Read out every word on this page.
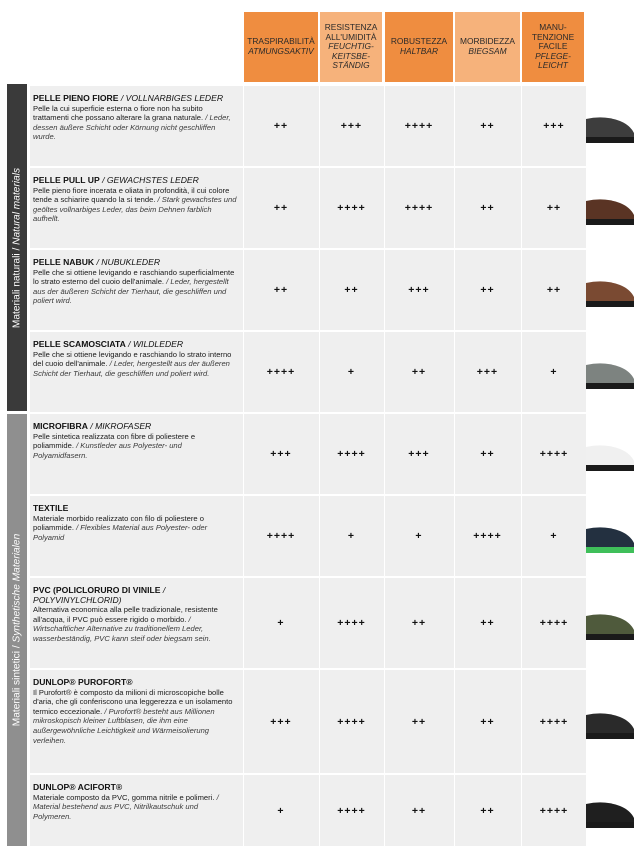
TRASPIRABILITÀ
ATMUNGSAKTIV
RESISTENZA ALL'UMIDITÀ
FEUCHTIG-KEITSBE-STÄNDIG
ROBUSTEZZA
HALTBAR
MORBIDEZZA
BIEGSAM
MANU-TENZIONE FACILE
PFLEGE-LEICHT
Materiali naturali / Natural materials
Materiali sintetici / Synthetische Materialen
PELLE PIENO FIORE / VOLLNARBIGES LEDER
Pelle la cui superficie esterna o fiore non ha subito trattamenti che possano alterare la grana naturale. / Leder, dessen äußere Schicht oder Körnung nicht geschliffen wurde.
++	+++	++++	++	+++
PELLE PULL UP / GEWACHSTES LEDER
Pelle pieno fiore incerata e oliata in profondità, il cui colore tende a schiarire quando la si tende. / Stark gewachstes und geöltes vollnarbiges Leder, das beim Dehnen farblich aufhellt.
++	++++	++++	++	++
PELLE NABUK / NUBUKLEDER
Pelle che si ottiene levigando e raschiando superficialmente lo strato esterno del cuoio dell'animale. / Leder, hergestellt aus der äußeren Schicht der Tierhaut, die geschliffen und poliert wird.
++	++	+++	++	++
PELLE SCAMOSCIATA / WILDLEDER
Pelle che si ottiene levigando e raschiando lo strato interno del cuoio dell'animale. / Leder, hergestellt aus der äußeren Schicht der Tierhaut, die geschliffen und poliert wird.	++++	+	++	+++	+
MICROFIBRA / MIKROFASER
Pelle sintetica realizzata con fibre di poliestere e poliammide. / Kunstleder aus Polyester- und Polyamidfasern.	+++	++++	+++	++	++++
TEXTILE
Materiale morbido realizzato con filo di poliestere o poliammide. / Flexibles Material aus Polyester- oder Polyamid	++++	+	+	++++	+
PVC (POLICLORURO DI VINILE / POLYVINYLCHLORID)
Alternativa economica alla pelle tradizionale, resistente all'acqua, il PVC può essere rigido o morbido. / Wirtschaftlicher Alternative zu traditionellem Leder, wasserbeständig, PVC kann steif oder biegsam sein.
+	++++	++	++	++++
DUNLOP® PUROFORT®
Il Purofort® è composto da milioni di microscopiche bolle d'aria, che gli conferiscono una leggerezza e un isolamento termico eccezionale. / Purofort® besteht aus Millionen mikroskopisch kleiner Luftblasen, die ihm eine außergewöhnliche Leichtigkeit und Wärmeisolierung verleihen.
+++	++++	++	++	++++
DUNLOP® ACIFORT®
Materiale composto da PVC, gomma nitrile e polimeri. / Material bestehend aus PVC, Nitrilkautschuk und Polymeren.	+	++++	++	++	++++
